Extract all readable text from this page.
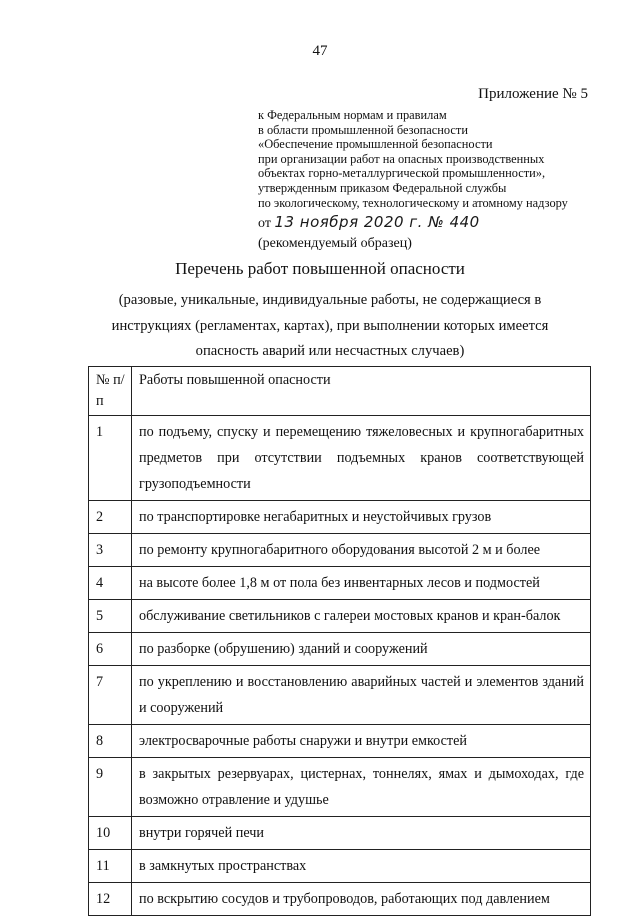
47
Приложение № 5
к Федеральным нормам и правилам
в области промышленной безопасности
«Обеспечение промышленной безопасности
при организации работ на опасных производственных
объектах горно-металлургической промышленности»,
утвержденным приказом Федеральной службы
по экологическому, технологическому и атомному надзору
от 13 ноября 2020 г. № 440
(рекомендуемый образец)
Перечень работ повышенной опасности
(разовые, уникальные, индивидуальные работы, не содержащиеся в
инструкциях (регламентах, картах), при выполнении которых имеется
опасность аварий или несчастных случаев)
№ п/п	Работы повышенной опасности
1	по подъему, спуску и перемещению тяжеловесных и крупногабаритных предметов при отсутствии подъемных кранов соответствующей грузоподъемности
2	по транспортировке негабаритных и неустойчивых грузов
3	по ремонту крупногабаритного оборудования высотой 2 м и более
4	на высоте более 1,8 м от пола без инвентарных лесов и подмостей
5	обслуживание светильников с галереи мостовых кранов и кран-балок
6	по разборке (обрушению) зданий и сооружений
7	по укреплению и восстановлению аварийных частей и элементов зданий и сооружений
8	электросварочные работы снаружи и внутри емкостей
9	в закрытых резервуарах, цистернах, тоннелях, ямах и дымоходах, где возможно отравление и удушье
10	внутри горячей печи
11	в замкнутых пространствах
12	по вскрытию сосудов и трубопроводов, работающих под давлением
